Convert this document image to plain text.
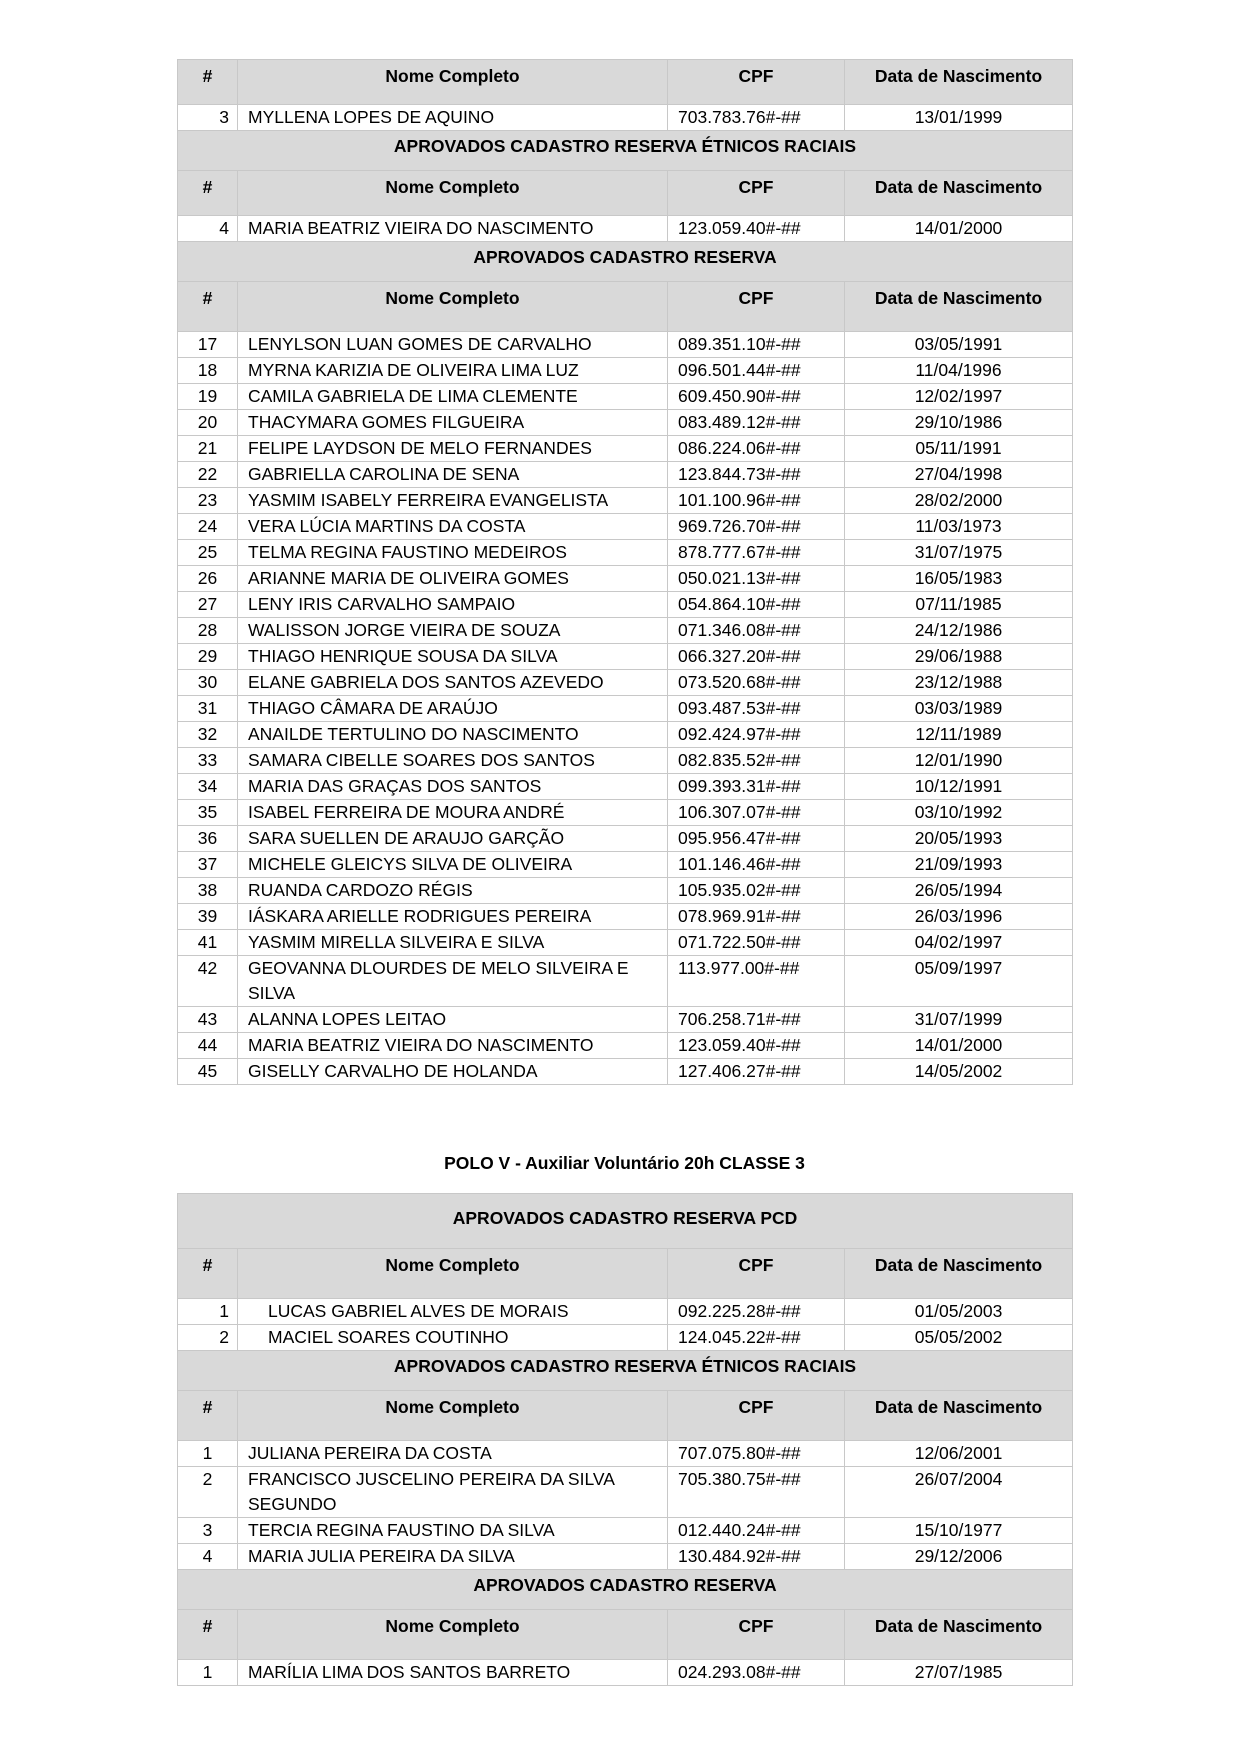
#	Nome Completo	CPF	Data de Nascimento
3	MYLLENA LOPES DE AQUINO	703.783.76#-##	13/01/1999
APROVADOS CADASTRO RESERVA ÉTNICOS RACIAIS			
#	Nome Completo	CPF	Data de Nascimento
4	MARIA BEATRIZ VIEIRA DO NASCIMENTO	123.059.40#-##	14/01/2000
APROVADOS CADASTRO RESERVA			
#	Nome Completo	CPF	Data de Nascimento
17	LENYLSON LUAN GOMES DE CARVALHO	089.351.10#-##	03/05/1991
18	MYRNA KARIZIA DE OLIVEIRA LIMA LUZ	096.501.44#-##	11/04/1996
19	CAMILA GABRIELA DE LIMA CLEMENTE	609.450.90#-##	12/02/1997
20	THACYMARA GOMES FILGUEIRA	083.489.12#-##	29/10/1986
21	FELIPE LAYDSON DE MELO FERNANDES	086.224.06#-##	05/11/1991
22	GABRIELLA CAROLINA DE SENA	123.844.73#-##	27/04/1998
23	YASMIM ISABELY FERREIRA EVANGELISTA	101.100.96#-##	28/02/2000
24	VERA LÚCIA MARTINS DA COSTA	969.726.70#-##	11/03/1973
25	TELMA REGINA FAUSTINO MEDEIROS	878.777.67#-##	31/07/1975
26	ARIANNE MARIA DE OLIVEIRA GOMES	050.021.13#-##	16/05/1983
27	LENY IRIS CARVALHO SAMPAIO	054.864.10#-##	07/11/1985
28	WALISSON JORGE VIEIRA DE SOUZA	071.346.08#-##	24/12/1986
29	THIAGO HENRIQUE SOUSA DA SILVA	066.327.20#-##	29/06/1988
30	ELANE GABRIELA DOS SANTOS AZEVEDO	073.520.68#-##	23/12/1988
31	THIAGO CÂMARA DE ARAÚJO	093.487.53#-##	03/03/1989
32	ANAILDE TERTULINO DO NASCIMENTO	092.424.97#-##	12/11/1989
33	SAMARA CIBELLE SOARES DOS SANTOS	082.835.52#-##	12/01/1990
34	MARIA DAS GRAÇAS DOS SANTOS	099.393.31#-##	10/12/1991
35	ISABEL FERREIRA DE MOURA ANDRÉ	106.307.07#-##	03/10/1992
36	SARA SUELLEN DE ARAUJO GARÇÃO	095.956.47#-##	20/05/1993
37	MICHELE GLEICYS SILVA DE OLIVEIRA	101.146.46#-##	21/09/1993
38	RUANDA CARDOZO RÉGIS	105.935.02#-##	26/05/1994
39	IÁSKARA ARIELLE RODRIGUES PEREIRA	078.969.91#-##	26/03/1996
41	YASMIM MIRELLA SILVEIRA E SILVA	071.722.50#-##	04/02/1997
42	GEOVANNA DLOURDES DE MELO SILVEIRA E SILVA	113.977.00#-##	05/09/1997
43	ALANNA LOPES LEITAO	706.258.71#-##	31/07/1999
44	MARIA BEATRIZ VIEIRA DO NASCIMENTO	123.059.40#-##	14/01/2000
45	GISELLY CARVALHO DE HOLANDA	127.406.27#-##	14/05/2002
POLO V - Auxiliar Voluntário 20h CLASSE 3
APROVADOS CADASTRO RESERVA PCD			
#	Nome Completo	CPF	Data de Nascimento
1	LUCAS GABRIEL ALVES DE MORAIS	092.225.28#-##	01/05/2003
2	MACIEL SOARES COUTINHO	124.045.22#-##	05/05/2002
APROVADOS CADASTRO RESERVA ÉTNICOS RACIAIS			
#	Nome Completo	CPF	Data de Nascimento
1	JULIANA PEREIRA DA COSTA	707.075.80#-##	12/06/2001
2	FRANCISCO JUSCELINO PEREIRA DA SILVA SEGUNDO	705.380.75#-##	26/07/2004
3	TERCIA REGINA FAUSTINO DA SILVA	012.440.24#-##	15/10/1977
4	MARIA JULIA PEREIRA DA SILVA	130.484.92#-##	29/12/2006
APROVADOS CADASTRO RESERVA			
#	Nome Completo	CPF	Data de Nascimento
1	MARÍLIA LIMA DOS SANTOS BARRETO	024.293.08#-##	27/07/1985
